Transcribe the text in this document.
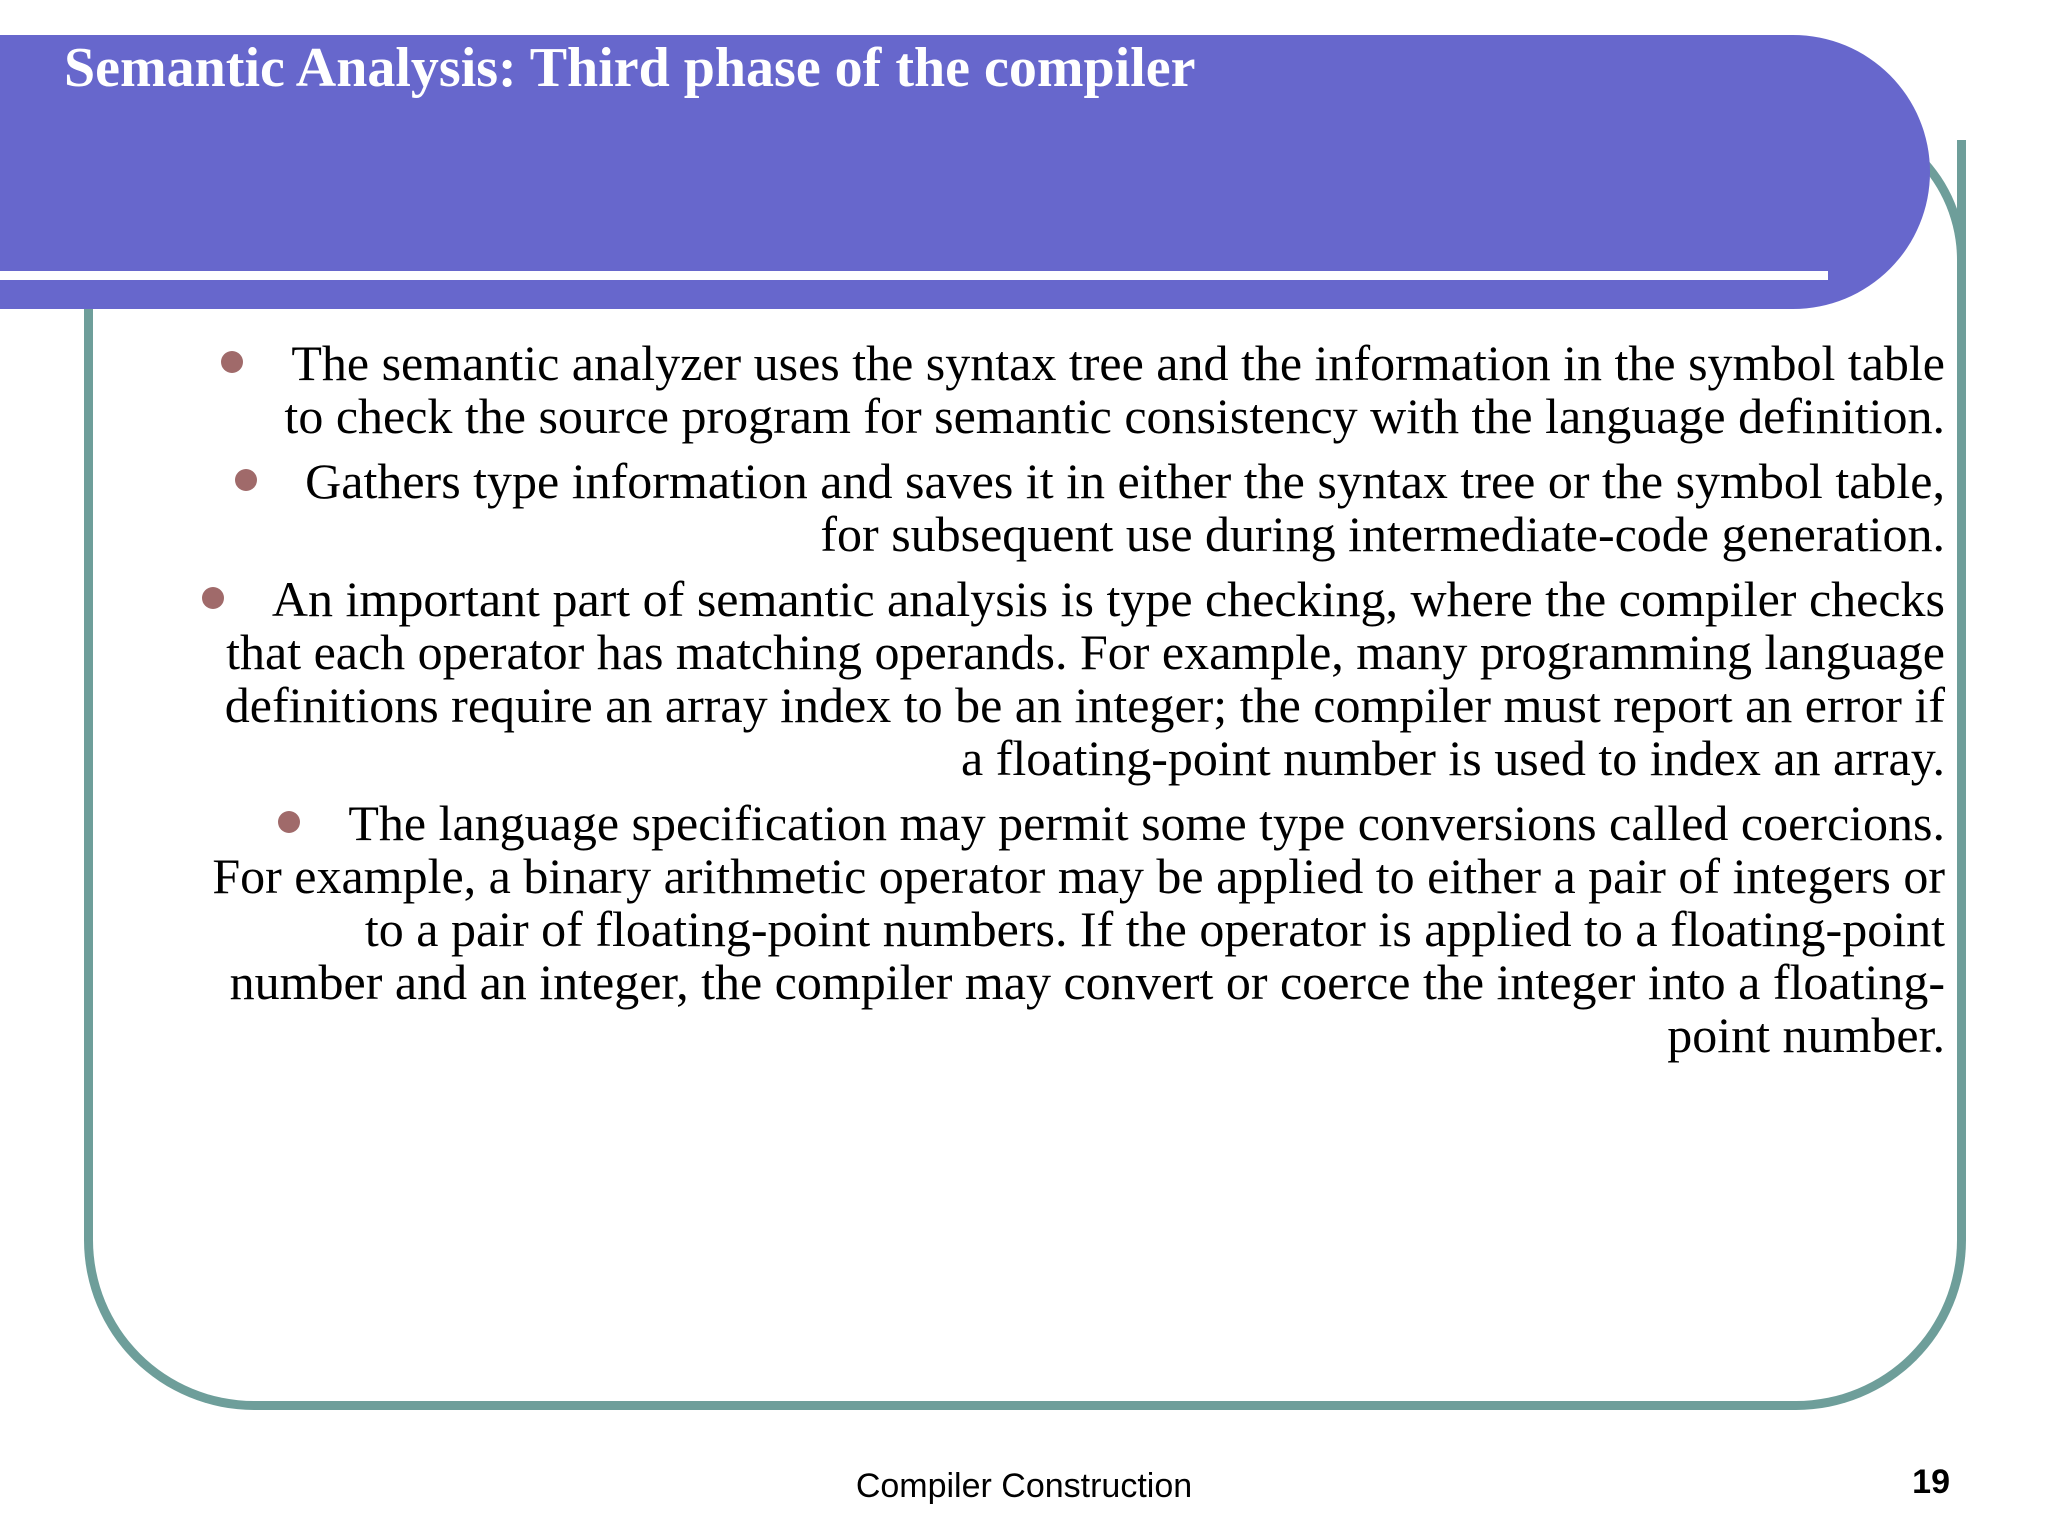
Semantic Analysis: Third phase of the compiler
The semantic analyzer uses the syntax tree and the information in the symbol table to check the source program for semantic consistency with the language definition.
Gathers type information and saves it in either the syntax tree or the symbol table, for subsequent use during intermediate-code generation.
An important part of semantic analysis is type checking, where the compiler checks that each operator has matching operands. For example, many programming language definitions require an array index to be an integer; the compiler must report an error if a floating-point number is used to index an array.
The language specification may permit some type conversions called coercions. For example, a binary arithmetic operator may be applied to either a pair of integers or to a pair of floating-point numbers. If the operator is applied to a floating-point number and an integer, the compiler may convert or coerce the integer into a floating-point number.
Compiler Construction	19
